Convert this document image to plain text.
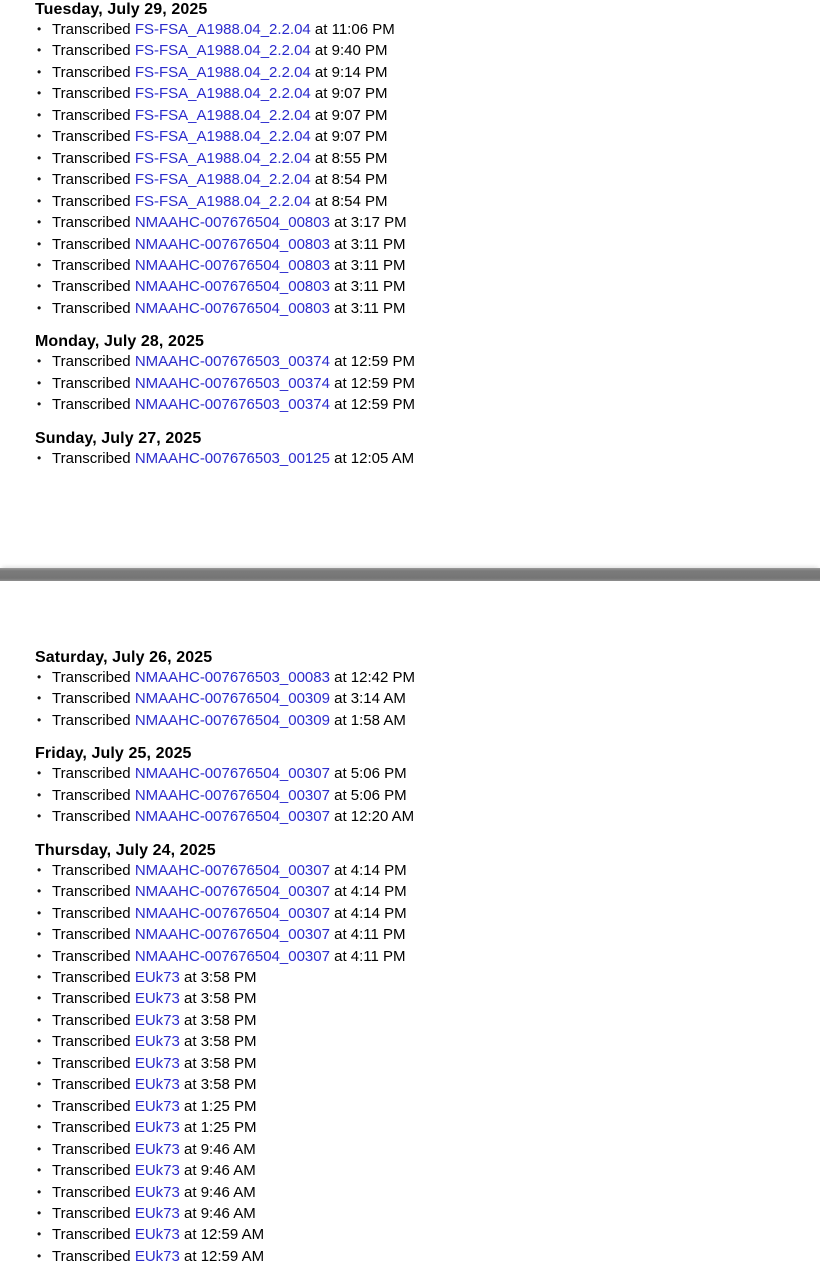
Tuesday, July 29, 2025
• Transcribed FS-FSA_A1988.04_2.2.04 at 11:06 PM
• Transcribed FS-FSA_A1988.04_2.2.04 at 9:40 PM
• Transcribed FS-FSA_A1988.04_2.2.04 at 9:14 PM
• Transcribed FS-FSA_A1988.04_2.2.04 at 9:07 PM
• Transcribed FS-FSA_A1988.04_2.2.04 at 9:07 PM
• Transcribed FS-FSA_A1988.04_2.2.04 at 9:07 PM
• Transcribed FS-FSA_A1988.04_2.2.04 at 8:55 PM
• Transcribed FS-FSA_A1988.04_2.2.04 at 8:54 PM
• Transcribed FS-FSA_A1988.04_2.2.04 at 8:54 PM
• Transcribed NMAAHC-007676504_00803 at 3:17 PM
• Transcribed NMAAHC-007676504_00803 at 3:11 PM
• Transcribed NMAAHC-007676504_00803 at 3:11 PM
• Transcribed NMAAHC-007676504_00803 at 3:11 PM
• Transcribed NMAAHC-007676504_00803 at 3:11 PM
Monday, July 28, 2025
• Transcribed NMAAHC-007676503_00374 at 12:59 PM
• Transcribed NMAAHC-007676503_00374 at 12:59 PM
• Transcribed NMAAHC-007676503_00374 at 12:59 PM
Sunday, July 27, 2025
• Transcribed NMAAHC-007676503_00125 at 12:05 AM
Saturday, July 26, 2025
• Transcribed NMAAHC-007676503_00083 at 12:42 PM
• Transcribed NMAAHC-007676504_00309 at 3:14 AM
• Transcribed NMAAHC-007676504_00309 at 1:58 AM
Friday, July 25, 2025
• Transcribed NMAAHC-007676504_00307 at 5:06 PM
• Transcribed NMAAHC-007676504_00307 at 5:06 PM
• Transcribed NMAAHC-007676504_00307 at 12:20 AM
Thursday, July 24, 2025
• Transcribed NMAAHC-007676504_00307 at 4:14 PM
• Transcribed NMAAHC-007676504_00307 at 4:14 PM
• Transcribed NMAAHC-007676504_00307 at 4:14 PM
• Transcribed NMAAHC-007676504_00307 at 4:11 PM
• Transcribed NMAAHC-007676504_00307 at 4:11 PM
• Transcribed EUk73 at 3:58 PM
• Transcribed EUk73 at 3:58 PM
• Transcribed EUk73 at 3:58 PM
• Transcribed EUk73 at 3:58 PM
• Transcribed EUk73 at 3:58 PM
• Transcribed EUk73 at 3:58 PM
• Transcribed EUk73 at 1:25 PM
• Transcribed EUk73 at 1:25 PM
• Transcribed EUk73 at 9:46 AM
• Transcribed EUk73 at 9:46 AM
• Transcribed EUk73 at 9:46 AM
• Transcribed EUk73 at 9:46 AM
• Transcribed EUk73 at 12:59 AM
• Transcribed EUk73 at 12:59 AM
